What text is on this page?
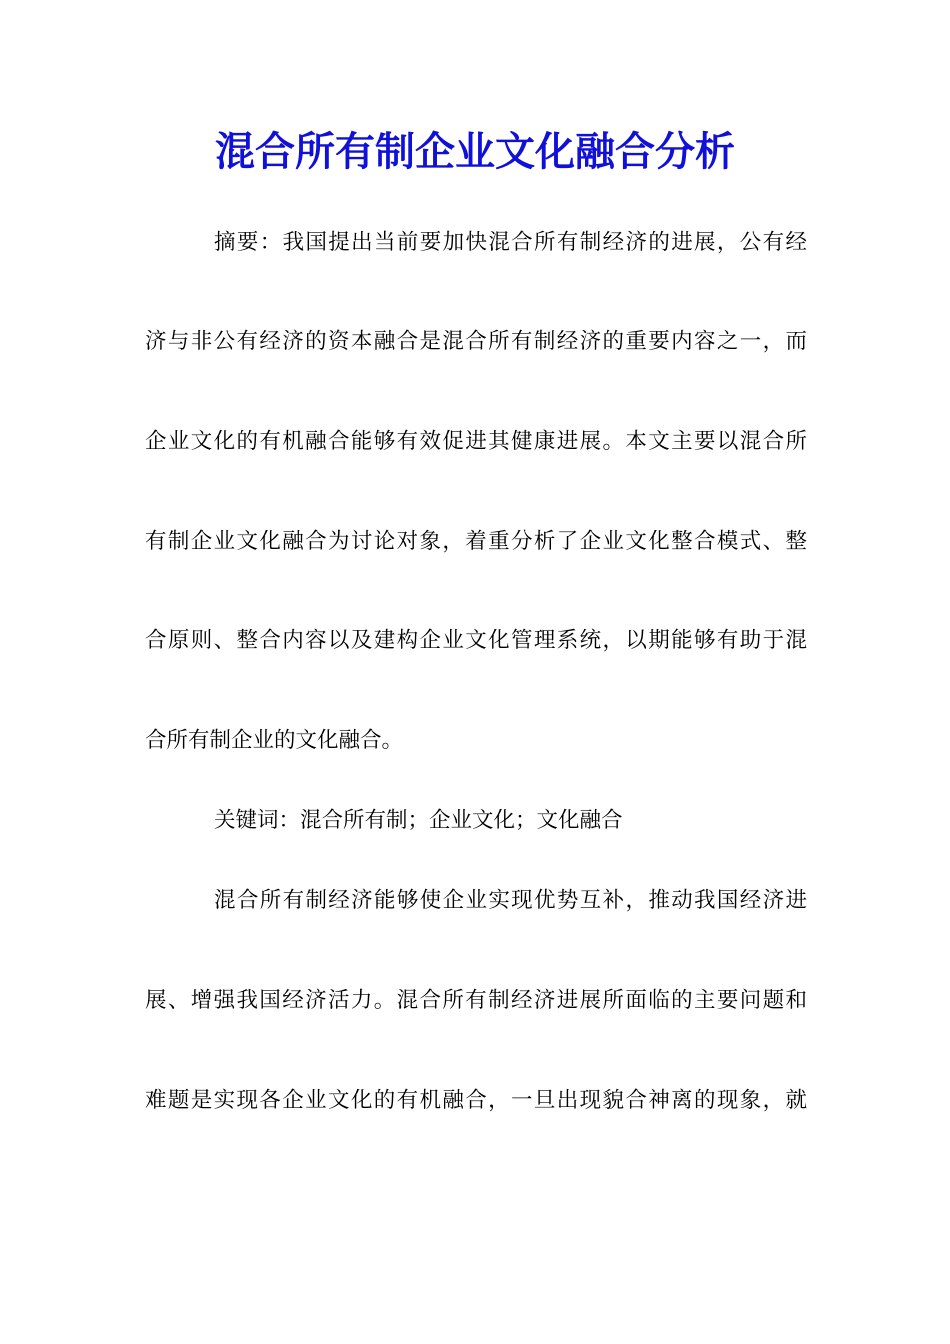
混合所有制企业文化融合分析

摘要：我国提出当前要加快混合所有制经济的进展，公有经

济与非公有经济的资本融合是混合所有制经济的重要内容之一，而

企业文化的有机融合能够有效促进其健康进展。本文主要以混合所

有制企业文化融合为讨论对象，着重分析了企业文化整合模式、整

合原则、整合内容以及建构企业文化管理系统，以期能够有助于混

合所有制企业的文化融合。

关键词：混合所有制；企业文化；文化融合

混合所有制经济能够使企业实现优势互补，推动我国经济进

展、增强我国经济活力。混合所有制经济进展所面临的主要问题和

难题是实现各企业文化的有机融合，一旦出现貌合神离的现象，就
